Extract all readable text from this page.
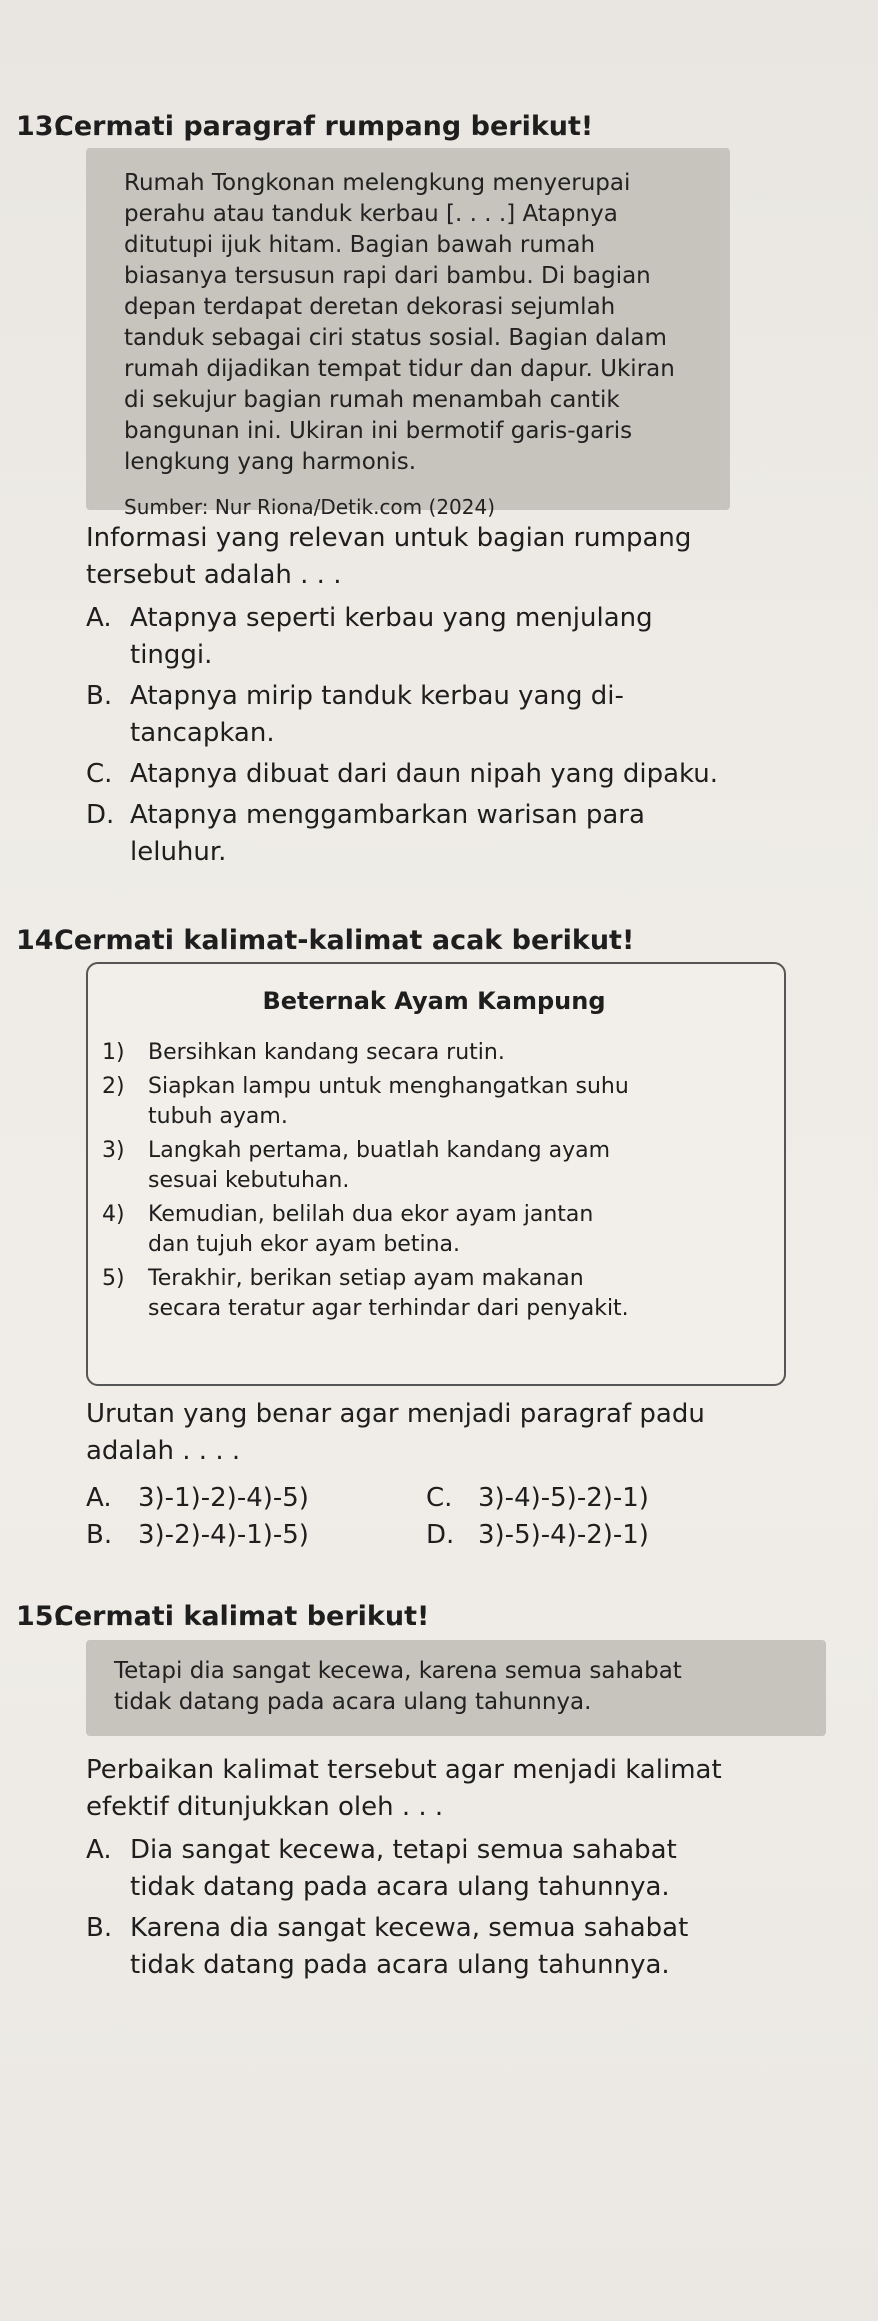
13.Cermati paragraf rumpang berikut!

Rumah Tongkonan melengkung menyerupai

perahu atau tanduk kerbau [. . . .] Atapnya

ditutupi ijuk hitam. Bagian bawah rumah

biasanya tersusun rapi dari bambu. Di bagian

depan terdapat deretan dekorasi sejumlah

tanduk sebagai ciri status sosial. Bagian dalam

rumah dijadikan tempat tidur dan dapur. Ukiran

di sekujur bagian rumah menambah cantik

bangunan ini. Ukiran ini bermotif garis-garis

lengkung yang harmonis.

Sumber: Nur Riona/Detik.com (2024)

Informasi yang relevan untuk bagian rumpang
tersebut adalah . . .
A. Atapnya seperti kerbau yang menjulang
tinggi.
B. Atapnya mirip tanduk kerbau yang di-
tancapkan.
C. Atapnya dibuat dari daun nipah yang dipaku.
D. Atapnya menggambarkan warisan para
leluhur.
14.Cermati kalimat-kalimat acak berikut!
Beternak Ayam Kampung
1)	Bersihkan kandang secara rutin.
2)	Siapkan lampu untuk menghangatkan suhu
tubuh ayam.
3)	Langkah pertama, buatlah kandang ayam
sesuai kebutuhan.
4)	Kemudian, belilah dua ekor ayam jantan
dan tujuh ekor ayam betina.
5)	Terakhir, berikan setiap ayam makanan
secara teratur agar terhindar dari penyakit.
Urutan yang benar agar menjadi paragraf padu
adalah . . . .
A.	3)-1)-2)-4)-5)	C. 3)-4)-5)-2)-1)
B. 3)-2)-4)-1)-5)	D. 3)-5)-4)-2)-1)
15.Cermati kalimat berikut!

Tetapi dia sangat kecewa, karena semua sahabat

tidak datang pada acara ulang tahunnya.

Perbaikan kalimat tersebut agar menjadi kalimat
efektif ditunjukkan oleh . . .
A. Dia sangat kecewa, tetapi semua sahabat
tidak datang pada acara ulang tahunnya.
B. Karena dia sangat kecewa, semua sahabat
tidak datang pada acara ulang tahunnya.
